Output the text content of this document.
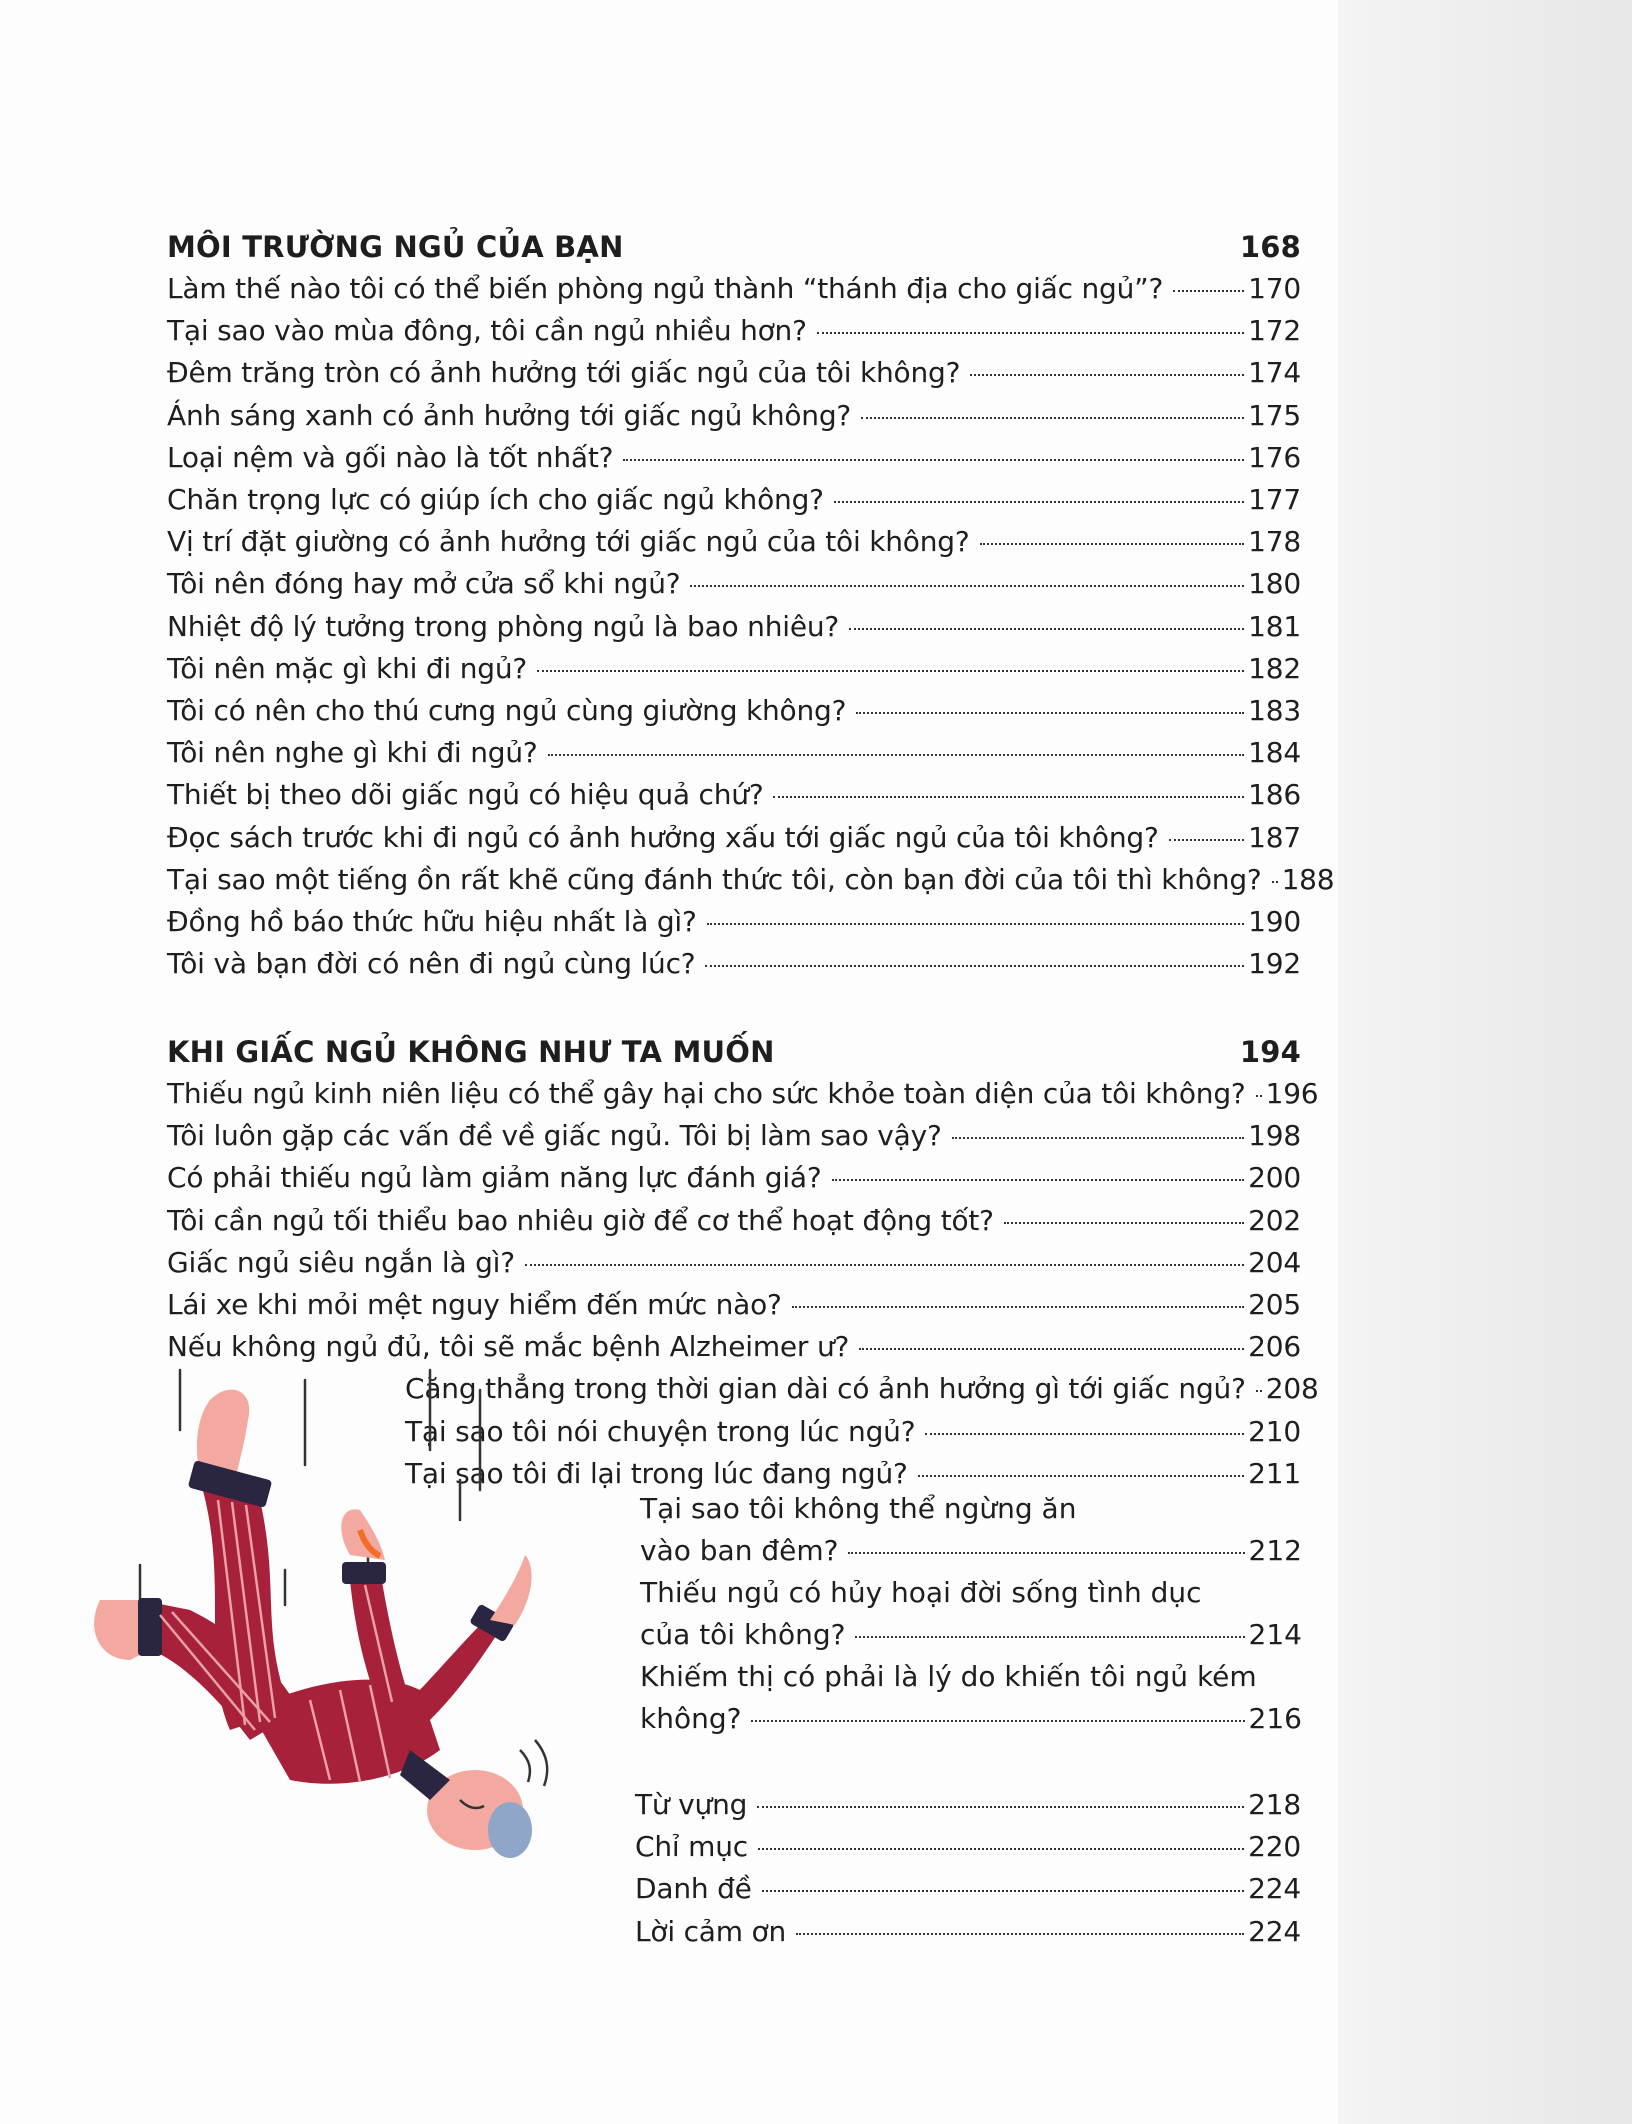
MÔI TRƯỜNG NGỦ CỦA BẠN	168
Làm thế nào tôi có thể biến phòng ngủ thành “thánh địa cho giấc ngủ”?	170
Tại sao vào mùa đông, tôi cần ngủ nhiều hơn?	172
Đêm trăng tròn có ảnh hưởng tới giấc ngủ của tôi không?	174
Ánh sáng xanh có ảnh hưởng tới giấc ngủ không?	175
Loại nệm và gối nào là tốt nhất?	176
Chăn trọng lực có giúp ích cho giấc ngủ không?	177
Vị trí đặt giường có ảnh hưởng tới giấc ngủ của tôi không?	178
Tôi nên đóng hay mở cửa sổ khi ngủ?	180
Nhiệt độ lý tưởng trong phòng ngủ là bao nhiêu?	181
Tôi nên mặc gì khi đi ngủ?	182
Tôi có nên cho thú cưng ngủ cùng giường không?	183
Tôi nên nghe gì khi đi ngủ?	184
Thiết bị theo dõi giấc ngủ có hiệu quả chứ?	186
Đọc sách trước khi đi ngủ có ảnh hưởng xấu tới giấc ngủ của tôi không?	187
Tại sao một tiếng ồn rất khẽ cũng đánh thức tôi, còn bạn đời của tôi thì không? 188
Đồng hồ báo thức hữu hiệu nhất là gì?	190
Tôi và bạn đời có nên đi ngủ cùng lúc?	192
KHI GIẤC NGỦ KHÔNG NHƯ TA MUỐN	194
Thiếu ngủ kinh niên liệu có thể gây hại cho sức khỏe toàn diện của tôi không? 196
Tôi luôn gặp các vấn đề về giấc ngủ. Tôi bị làm sao vậy?	198
Có phải thiếu ngủ làm giảm năng lực đánh giá?	200
Tôi cần ngủ tối thiểu bao nhiêu giờ để cơ thể hoạt động tốt?	202
Giấc ngủ siêu ngắn là gì?	204
Lái xe khi mỏi mệt nguy hiểm đến mức nào?	205
Nếu không ngủ đủ, tôi sẽ mắc bệnh Alzheimer ư?	206
Căng thẳng trong thời gian dài có ảnh hưởng gì tới giấc ngủ? 208
Tại sao tôi nói chuyện trong lúc ngủ?	210
Tại sao tôi đi lại trong lúc đang ngủ?	211
Tại sao tôi không thể ngừng ăn
vào ban đêm?	212
Thiếu ngủ có hủy hoại đời sống tình dục
của tôi không?	214
Khiếm thị có phải là lý do khiến tôi ngủ kém
không?	216
Từ vựng	218
Chỉ mục	220
Danh đề	224
Lời cảm ơn	224
